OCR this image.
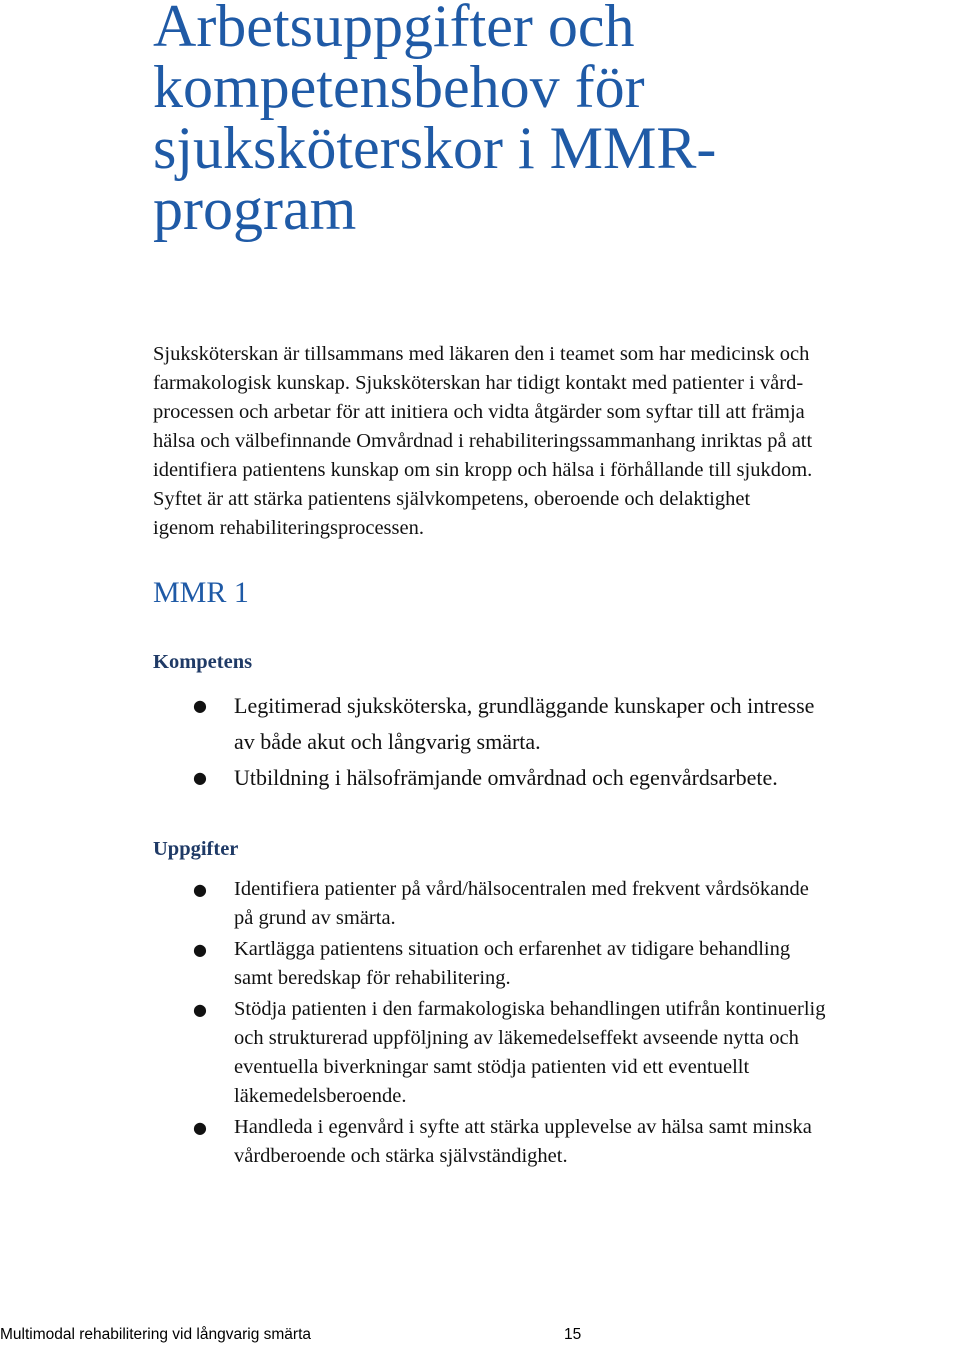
Arbetsuppgifter och
kompetensbehov för
sjuksköterskor i MMR-
program

Sjuksköterskan är tillsammans med läkaren den i teamet som har medicinsk och
farmakologisk kunskap. Sjuksköterskan har tidigt kontakt med patienter i vård-
processen och arbetar för att initiera och vidta åtgärder som syftar till att främja
hälsa och välbefinnande Omvårdnad i rehabiliteringssammanhang inriktas på att
identifiera patientens kunskap om sin kropp och hälsa i förhållande till sjukdom.
Syftet är att stärka patientens självkompetens, oberoende och delaktighet
igenom rehabiliteringsprocessen.

MMR 1
Kompetens
● Legitimerad sjuksköterska, grundläggande kunskaper och intresse
av både akut och långvarig smärta.
● Utbildning i hälsofrämjande omvårdnad och egenvårdsarbete.
Uppgifter
● Identifiera patienter på vård/hälsocentralen med frekvent vårdsökande
på grund av smärta.
● Kartlägga patientens situation och erfarenhet av tidigare behandling
samt beredskap för rehabilitering.
● Stödja patienten i den farmakologiska behandlingen utifrån kontinuerlig
och strukturerad uppföljning av läkemedelseffekt avseende nytta och
eventuella biverkningar samt stödja patienten vid ett eventuellt
läkemedelsberoende.
● Handleda i egenvård i syfte att stärka upplevelse av hälsa samt minska
vårdberoende och stärka självständighet.
Multimodal rehabilitering vid långvarig smärta	15
